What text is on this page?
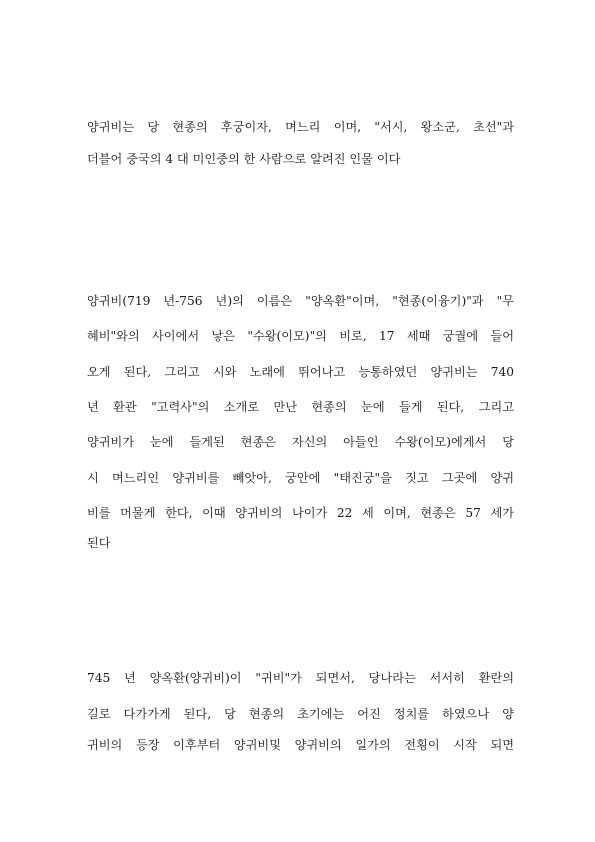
양귀비는 당 현종의 후궁이자, 며느리 이며, "서시, 왕소군, 초선"과
더블어 중국의 4 대 미인중의 한 사람으로 알려진 인물 이다
양귀비(719 년-756 년)의 이름은 "양옥환"이며, "현종(이융기)"과 "무
혜비"와의 사이에서 낳은 "수왕(이모)"의 비로, 17 세때 궁궐에 들어
오게 된다, 그리고 시와 노래에 뛰어나고 능통하였던 양귀비는 740
년 환관 "고력사"의 소개로 만난 현종의 눈에 들게 된다, 그리고
양귀비가 눈에 들게된 현종은 자신의 아들인 수왕(이모)에게서 당
시 며느리인 양귀비를 빼앗아, 궁안에 "태진궁"을 짓고 그곳에 양귀
비를 머물게 한다, 이때 양귀비의 나이가 22 세 이며, 현종은 57 세가
된다
745 년 양옥환(양귀비)이 "귀비"가 되면서, 당나라는 서서히 환란의
길로 다가가게 된다, 당 현종의 초기에는 어진 정치를 하였으나 양
귀비의 등장 이후부터 양귀비및 양귀비의 일가의 전횡이 시작 되면
